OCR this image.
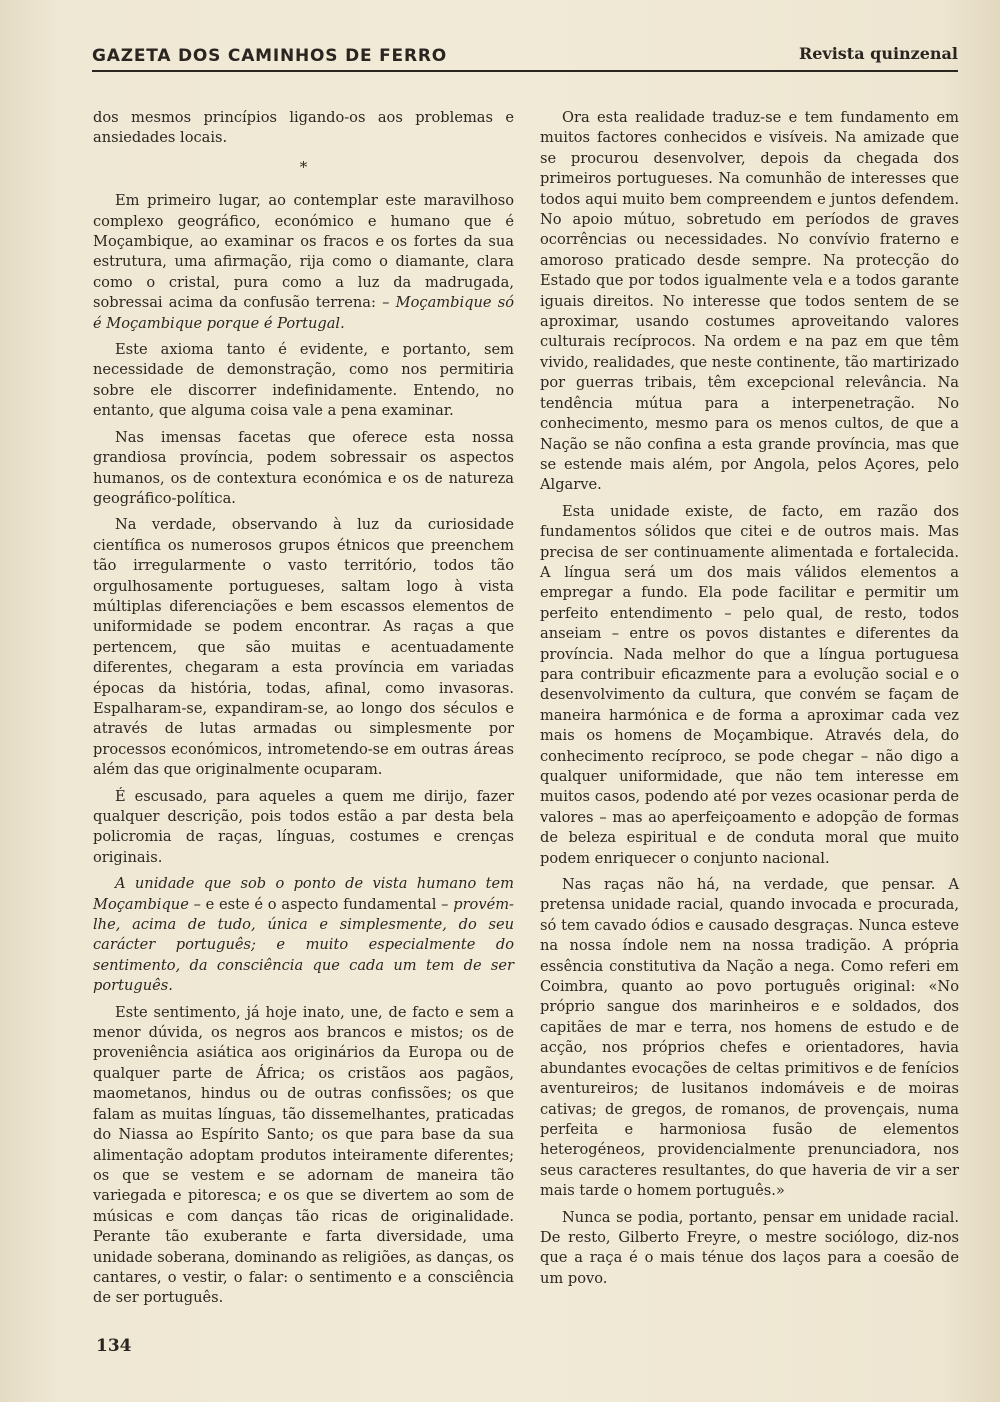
GAZETA DOS CAMINHOS DE FERRO	Revista quinzenal

dos mesmos princípios ligando-os aos problemas e ansiedades locais.

*

Em primeiro lugar, ao contemplar este maravilhoso complexo geográfico, económico e humano que é Moçambique, ao examinar os fracos e os fortes da sua estrutura, uma afirmação, rija como o diamante, clara como o cristal, pura como a luz da madrugada, sobressai acima da confusão terrena: – Moçambique só é Moçambique porque é Portugal.

Este axioma tanto é evidente, e portanto, sem necessidade de demonstração, como nos permitiria sobre ele discorrer indefinidamente. Entendo, no entanto, que alguma coisa vale a pena examinar.

Nas imensas facetas que oferece esta nossa grandiosa província, podem sobressair os aspectos humanos, os de contextura económica e os de natureza geográfico-política.

Na verdade, observando à luz da curiosidade científica os numerosos grupos étnicos que preenchem tão irregularmente o vasto território, todos tão orgulhosamente portugueses, saltam logo à vista múltiplas diferenciações e bem escassos elementos de uniformidade se podem encontrar. As raças a que pertencem, que são muitas e acentuadamente diferentes, chegaram a esta província em variadas épocas da história, todas, afinal, como invasoras. Espalharam-se, expandiram-se, ao longo dos séculos e através de lutas armadas ou simplesmente por processos económicos, intrometendo-se em outras áreas além das que originalmente ocuparam.

É escusado, para aqueles a quem me dirijo, fazer qualquer descrição, pois todos estão a par desta bela policromia de raças, línguas, costumes e crenças originais.

A unidade que sob o ponto de vista humano tem Moçambique – e este é o aspecto fundamental – provém-lhe, acima de tudo, única e simplesmente, do seu carácter português; e muito especialmente do sentimento, da consciência que cada um tem de ser português.

Este sentimento, já hoje inato, une, de facto e sem a menor dúvida, os negros aos brancos e mistos; os de proveniência asiática aos originários da Europa ou de qualquer parte de África; os cristãos aos pagãos, maometanos, hindus ou de outras confissões; os que falam as muitas línguas, tão dissemelhantes, praticadas do Niassa ao Espírito Santo; os que para base da sua alimentação adoptam produtos inteiramente diferentes; os que se vestem e se adornam de maneira tão variegada e pitoresca; e os que se divertem ao som de músicas e com danças tão ricas de originalidade. Perante tão exuberante e farta diversidade, uma unidade soberana, dominando as religiões, as danças, os cantares, o vestir, o falar: o sentimento e a consciência de ser português.

Ora esta realidade traduz-se e tem fundamento em muitos factores conhecidos e visíveis. Na amizade que se procurou desenvolver, depois da chegada dos primeiros portugueses. Na comunhão de interesses que todos aqui muito bem compreendem e juntos defendem. No apoio mútuo, sobretudo em períodos de graves ocorrências ou necessidades. No convívio fraterno e amoroso praticado desde sempre. Na protecção do Estado que por todos igualmente vela e a todos garante iguais direitos. No interesse que todos sentem de se aproximar, usando costumes aproveitando valores culturais recíprocos. Na ordem e na paz em que têm vivido, realidades, que neste continente, tão martirizado por guerras tribais, têm excepcional relevância. Na tendência mútua para a interpenetração. No conhecimento, mesmo para os menos cultos, de que a Nação se não confina a esta grande província, mas que se estende mais além, por Angola, pelos Açores, pelo Algarve.

Esta unidade existe, de facto, em razão dos fundamentos sólidos que citei e de outros mais. Mas precisa de ser continuamente alimentada e fortalecida. A língua será um dos mais válidos elementos a empregar a fundo. Ela pode facilitar e permitir um perfeito entendimento – pelo qual, de resto, todos anseiam – entre os povos distantes e diferentes da província. Nada melhor do que a língua portuguesa para contribuir eficazmente para a evolução social e o desenvolvimento da cultura, que convém se façam de maneira harmónica e de forma a aproximar cada vez mais os homens de Moçambique. Através dela, do conhecimento recíproco, se pode chegar – não digo a qualquer uniformidade, que não tem interesse em muitos casos, podendo até por vezes ocasionar perda de valores – mas ao aperfeiçoamento e adopção de formas de beleza espiritual e de conduta moral que muito podem enriquecer o conjunto nacional.

Nas raças não há, na verdade, que pensar. A pretensa unidade racial, quando invocada e procurada, só tem cavado ódios e causado desgraças. Nunca esteve na nossa índole nem na nossa tradição. A própria essência constitutiva da Nação a nega. Como referi em Coimbra, quanto ao povo português original: «No próprio sangue dos marinheiros e e soldados, dos capitães de mar e terra, nos homens de estudo e de acção, nos próprios chefes e orientadores, havia abundantes evocações de celtas primitivos e de fenícios aventureiros; de lusitanos indomáveis e de moiras cativas; de gregos, de romanos, de provençais, numa perfeita e harmoniosa fusão de elementos heterogéneos, providencialmente prenunciadora, nos seus caracteres resultantes, do que haveria de vir a ser mais tarde o homem português.»

Nunca se podia, portanto, pensar em unidade racial. De resto, Gilberto Freyre, o mestre sociólogo, diz-nos que a raça é o mais ténue dos laços para a coesão de um povo.

134
